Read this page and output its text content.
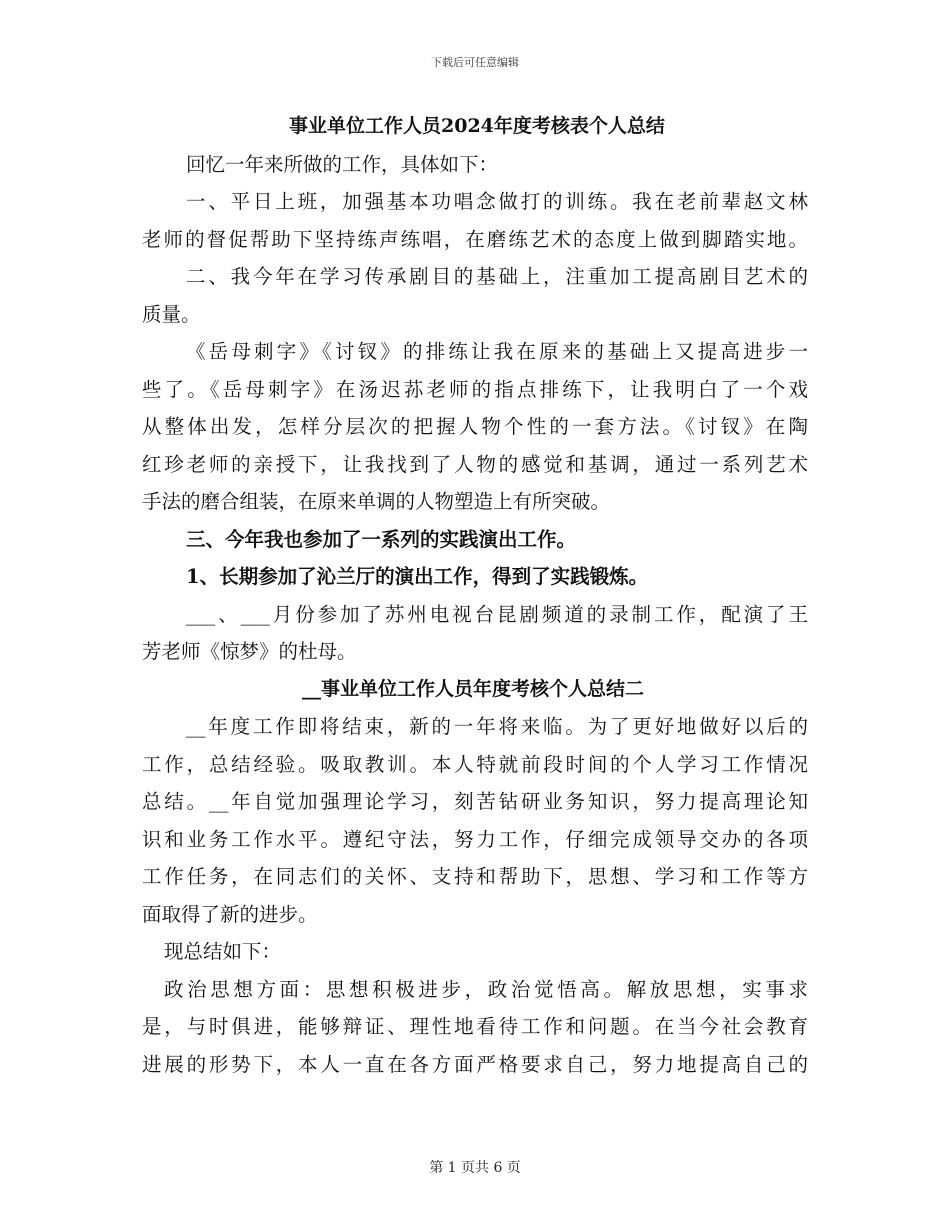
下载后可任意编辑
事业单位工作人员2024年度考核表个人总结
回忆一年来所做的工作，具体如下：
一、平日上班，加强基本功唱念做打的训练。我在老前辈赵文林
老师的督促帮助下坚持练声练唱，在磨练艺术的态度上做到脚踏实地。
二、我今年在学习传承剧目的基础上，注重加工提高剧目艺术的
质量。
《岳母刺字》《讨钗》的排练让我在原来的基础上又提高进步一
些了。《岳母刺字》在汤迟荪老师的指点排练下，让我明白了一个戏
从整体出发，怎样分层次的把握人物个性的一套方法。《讨钗》在陶
红珍老师的亲授下，让我找到了人物的感觉和基调，通过一系列艺术
手法的磨合组装，在原来单调的人物塑造上有所突破。
三、今年我也参加了一系列的实践演出工作。
1、长期参加了沁兰厅的演出工作，得到了实践锻炼。
___、___月份参加了苏州电视台昆剧频道的录制工作，配演了王
芳老师《惊梦》的杜母。
__事业单位工作人员年度考核个人总结二
__年度工作即将结束，新的一年将来临。为了更好地做好以后的
工作，总结经验。吸取教训。本人特就前段时间的个人学习工作情况
总结。__年自觉加强理论学习，刻苦钻研业务知识，努力提高理论知
识和业务工作水平。遵纪守法，努力工作，仔细完成领导交办的各项
工作任务，在同志们的关怀、支持和帮助下，思想、学习和工作等方
面取得了新的进步。
现总结如下：
政治思想方面：思想积极进步，政治觉悟高。解放思想，实事求
是，与时俱进，能够辩证、理性地看待工作和问题。在当今社会教育
进展的形势下，本人一直在各方面严格要求自己，努力地提高自己的
第 1 页共 6 页
